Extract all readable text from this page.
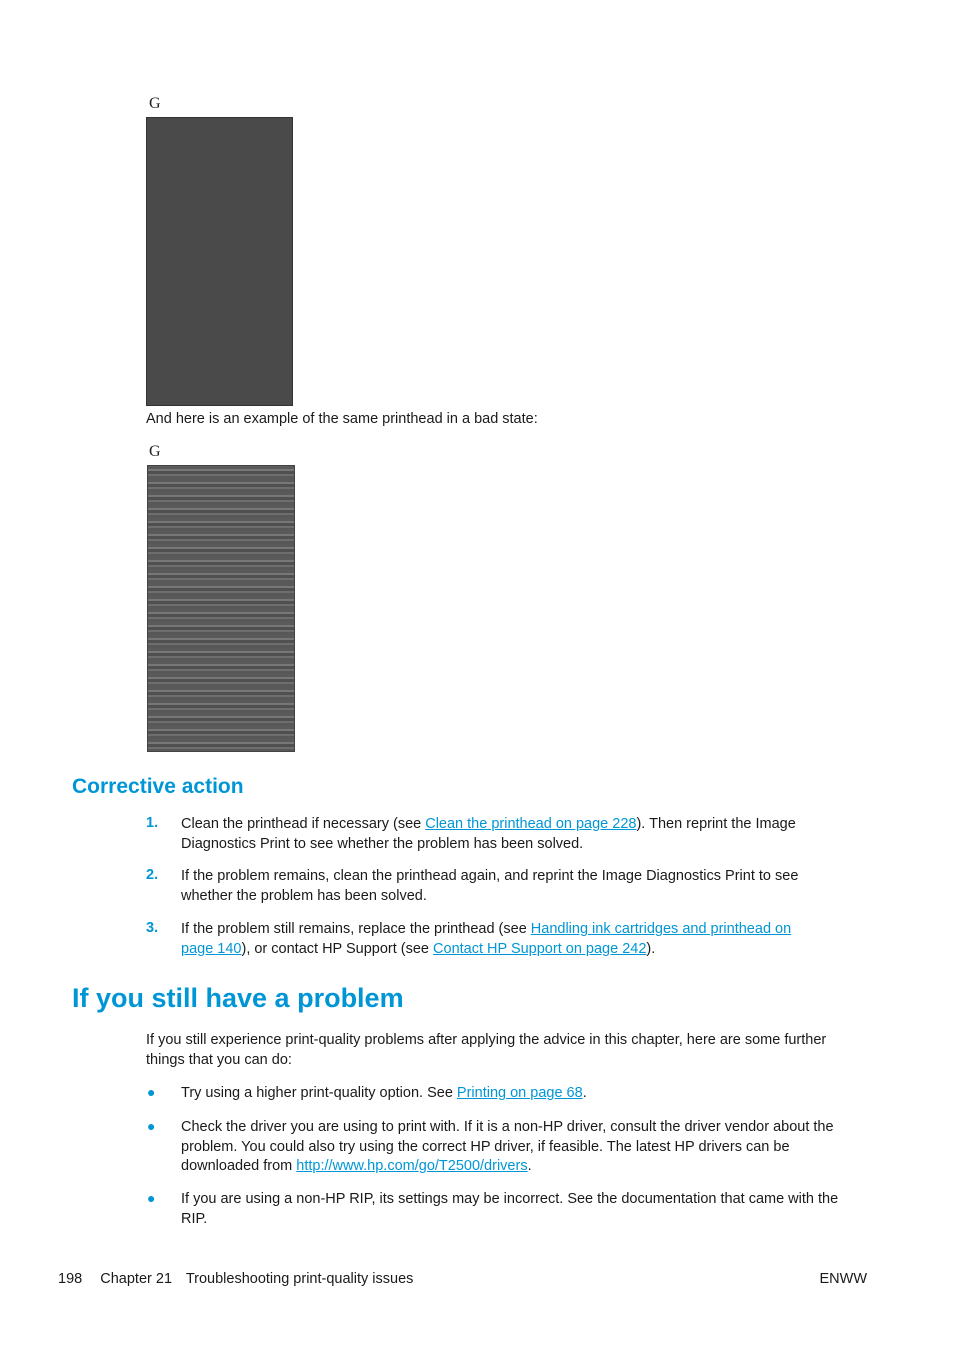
G
And here is an example of the same printhead in a bad state:
G
Corrective action
1. Clean the printhead if necessary (see Clean the printhead on page 228). Then reprint the Image Diagnostics Print to see whether the problem has been solved.
2. If the problem remains, clean the printhead again, and reprint the Image Diagnostics Print to see whether the problem has been solved.
3. If the problem still remains, replace the printhead (see Handling ink cartridges and printhead on page 140), or contact HP Support (see Contact HP Support on page 242).
If you still have a problem
If you still experience print-quality problems after applying the advice in this chapter, here are some further things that you can do:
● Try using a higher print-quality option. See Printing on page 68.
● Check the driver you are using to print with. If it is a non-HP driver, consult the driver vendor about the problem. You could also try using the correct HP driver, if feasible. The latest HP drivers can be downloaded from http://www.hp.com/go/T2500/drivers.
● If you are using a non-HP RIP, its settings may be incorrect. See the documentation that came with the RIP.
198 Chapter 21 Troubleshooting print-quality issues	ENWW
